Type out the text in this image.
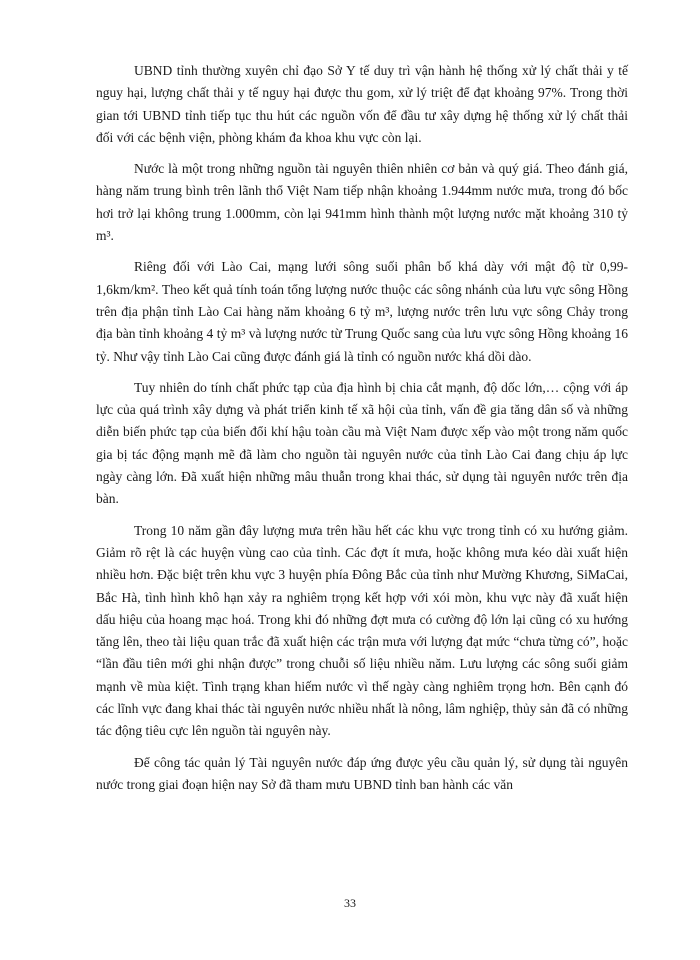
UBND tỉnh thường xuyên chỉ đạo Sở Y tế duy trì vận hành hệ thống xử lý chất thải y tế nguy hại, lượng chất thải y tế nguy hại được thu gom, xử lý triệt để đạt khoảng 97%. Trong thời gian tới UBND tỉnh tiếp tục thu hút các nguồn vốn để đầu tư xây dựng hệ thống xử lý chất thải đối với các bệnh viện, phòng khám đa khoa khu vực còn lại.

Nước là một trong những nguồn tài nguyên thiên nhiên cơ bản và quý giá. Theo đánh giá, hàng năm trung bình trên lãnh thổ Việt Nam tiếp nhận khoảng 1.944mm nước mưa, trong đó bốc hơi trở lại không trung 1.000mm, còn lại 941mm hình thành một lượng nước mặt khoảng 310 tỷ m³.

Riêng đối với Lào Cai, mạng lưới sông suối phân bố khá dày với mật độ từ 0,99-1,6km/km². Theo kết quả tính toán tổng lượng nước thuộc các sông nhánh của lưu vực sông Hồng trên địa phận tỉnh Lào Cai hàng năm khoảng 6 tỷ m³, lượng nước trên lưu vực sông Chảy trong địa bàn tỉnh khoảng 4 tỷ m³ và lượng nước từ Trung Quốc sang của lưu vực sông Hồng khoảng 16 tỷ. Như vậy tỉnh Lào Cai cũng được đánh giá là tỉnh có nguồn nước khá dồi dào.

Tuy nhiên do tính chất phức tạp của địa hình bị chia cắt mạnh, độ dốc lớn,… cộng với áp lực của quá trình xây dựng và phát triển kinh tế xã hội của tỉnh, vấn đề gia tăng dân số và những diễn biến phức tạp của biến đổi khí hậu toàn cầu mà Việt Nam được xếp vào một trong năm quốc gia bị tác động mạnh mẽ đã làm cho nguồn tài nguyên nước của tỉnh Lào Cai đang chịu áp lực ngày càng lớn. Đã xuất hiện những mâu thuẫn trong khai thác, sử dụng tài nguyên nước trên địa bàn.

Trong 10 năm gần đây lượng mưa trên hầu hết các khu vực trong tỉnh có xu hướng giảm. Giảm rõ rệt là các huyện vùng cao của tỉnh. Các đợt ít mưa, hoặc không mưa kéo dài xuất hiện nhiều hơn. Đặc biệt trên khu vực 3 huyện phía Đông Bắc của tỉnh như Mường Khương, SiMaCai, Bắc Hà, tình hình khô hạn xảy ra nghiêm trọng kết hợp với xói mòn, khu vực này đã xuất hiện dấu hiệu của hoang mạc hoá. Trong khi đó những đợt mưa có cường độ lớn lại cũng có xu hướng tăng lên, theo tài liệu quan trắc đã xuất hiện các trận mưa với lượng đạt mức “chưa từng có”, hoặc “lần đầu tiên mới ghi nhận được” trong chuỗi số liệu nhiều năm. Lưu lượng các sông suối giảm mạnh về mùa kiệt. Tình trạng khan hiếm nước vì thế ngày càng nghiêm trọng hơn. Bên cạnh đó các lĩnh vực đang khai thác tài nguyên nước nhiều nhất là nông, lâm nghiệp, thủy sản đã có những tác động tiêu cực lên nguồn tài nguyên này.

Để công tác quản lý Tài nguyên nước đáp ứng được yêu cầu quản lý, sử dụng tài nguyên nước trong giai đoạn hiện nay Sở đã tham mưu UBND tỉnh ban hành các văn

33
